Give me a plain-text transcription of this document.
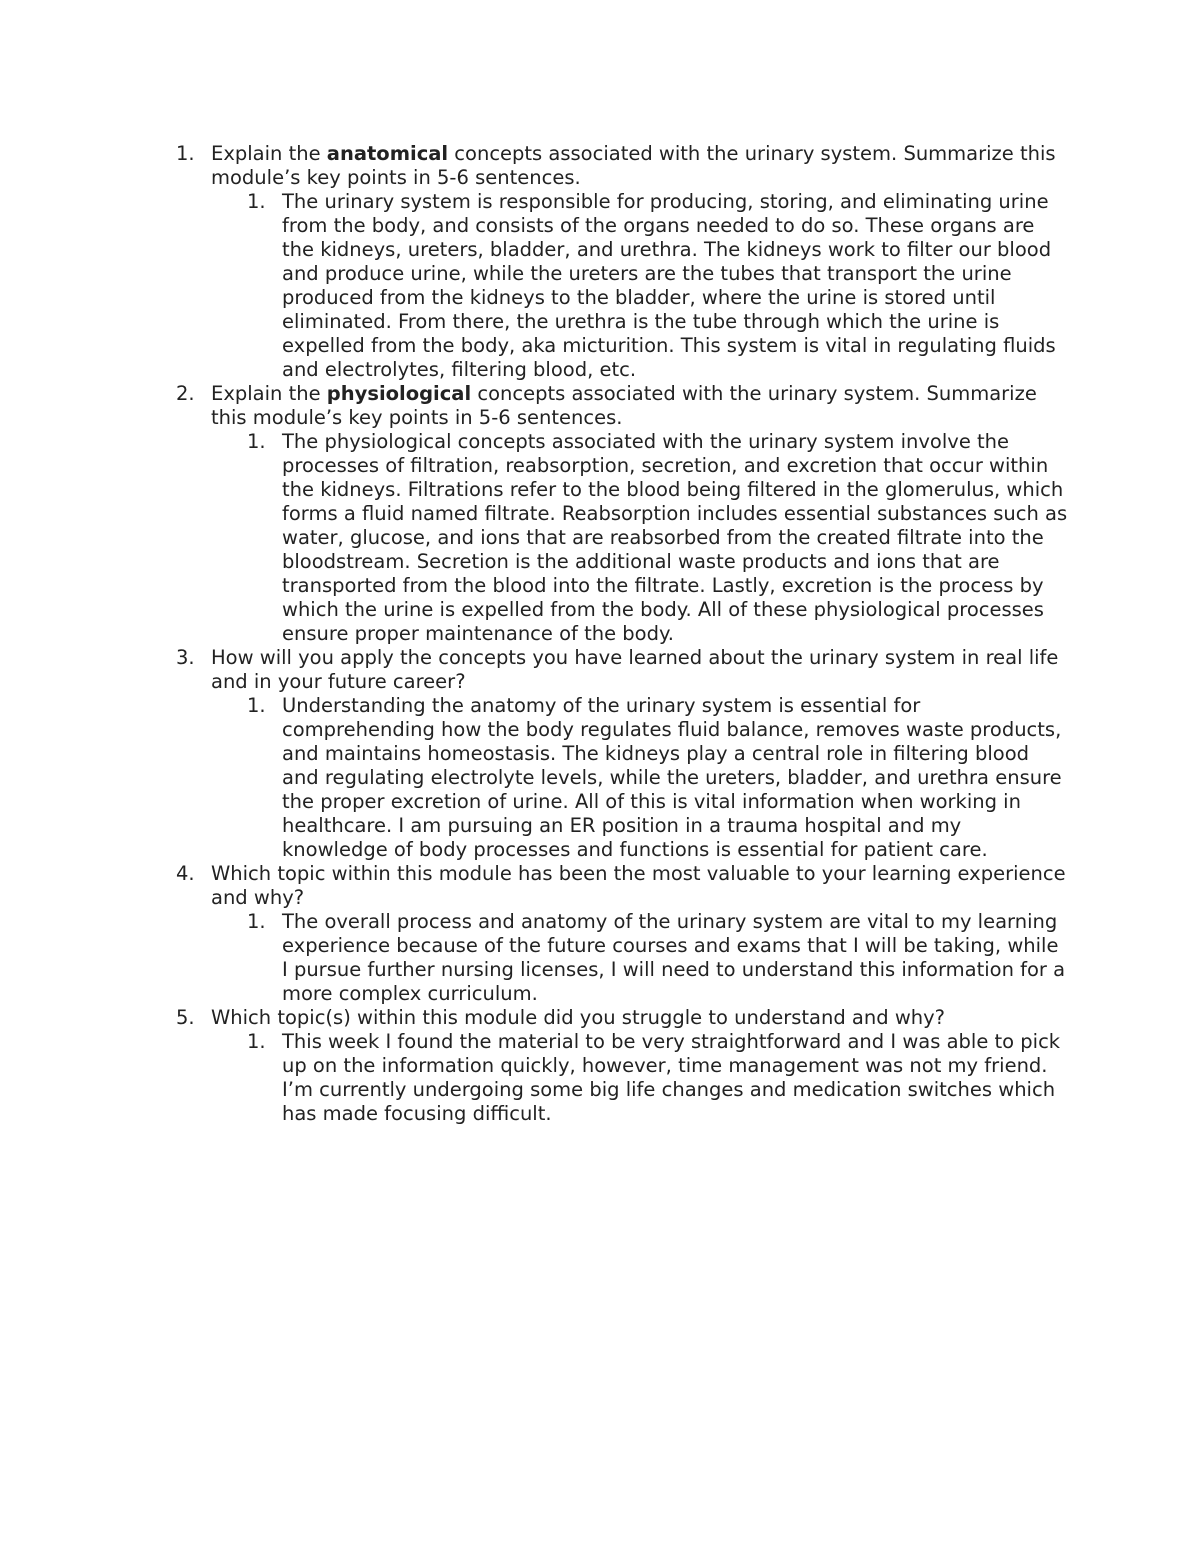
1. Explain the anatomical concepts associated with the urinary system. Summarize this module’s key points in 5-6 sentences.
1. The urinary system is responsible for producing, storing, and eliminating urine from the body, and consists of the organs needed to do so. These organs are the kidneys, ureters, bladder, and urethra. The kidneys work to filter our blood and produce urine, while the ureters are the tubes that transport the urine produced from the kidneys to the bladder, where the urine is stored until eliminated. From there, the urethra is the tube through which the urine is expelled from the body, aka micturition. This system is vital in regulating fluids and electrolytes, filtering blood, etc.
2. Explain the physiological concepts associated with the urinary system. Summarize this module’s key points in 5-6 sentences.
1. The physiological concepts associated with the urinary system involve the processes of filtration, reabsorption, secretion, and excretion that occur within the kidneys. Filtrations refer to the blood being filtered in the glomerulus, which forms a fluid named filtrate. Reabsorption includes essential substances such as water, glucose, and ions that are reabsorbed from the created filtrate into the bloodstream. Secretion is the additional waste products and ions that are transported from the blood into the filtrate. Lastly, excretion is the process by which the urine is expelled from the body. All of these physiological processes ensure proper maintenance of the body.
3. How will you apply the concepts you have learned about the urinary system in real life and in your future career?
1. Understanding the anatomy of the urinary system is essential for comprehending how the body regulates fluid balance, removes waste products, and maintains homeostasis. The kidneys play a central role in filtering blood and regulating electrolyte levels, while the ureters, bladder, and urethra ensure the proper excretion of urine. All of this is vital information when working in healthcare. I am pursuing an ER position in a trauma hospital and my knowledge of body processes and functions is essential for patient care.
4. Which topic within this module has been the most valuable to your learning experience and why?
1. The overall process and anatomy of the urinary system are vital to my learning experience because of the future courses and exams that I will be taking, while I pursue further nursing licenses, I will need to understand this information for a more complex curriculum.
5. Which topic(s) within this module did you struggle to understand and why?
1. This week I found the material to be very straightforward and I was able to pick up on the information quickly, however, time management was not my friend. I’m currently undergoing some big life changes and medication switches which has made focusing difficult.
